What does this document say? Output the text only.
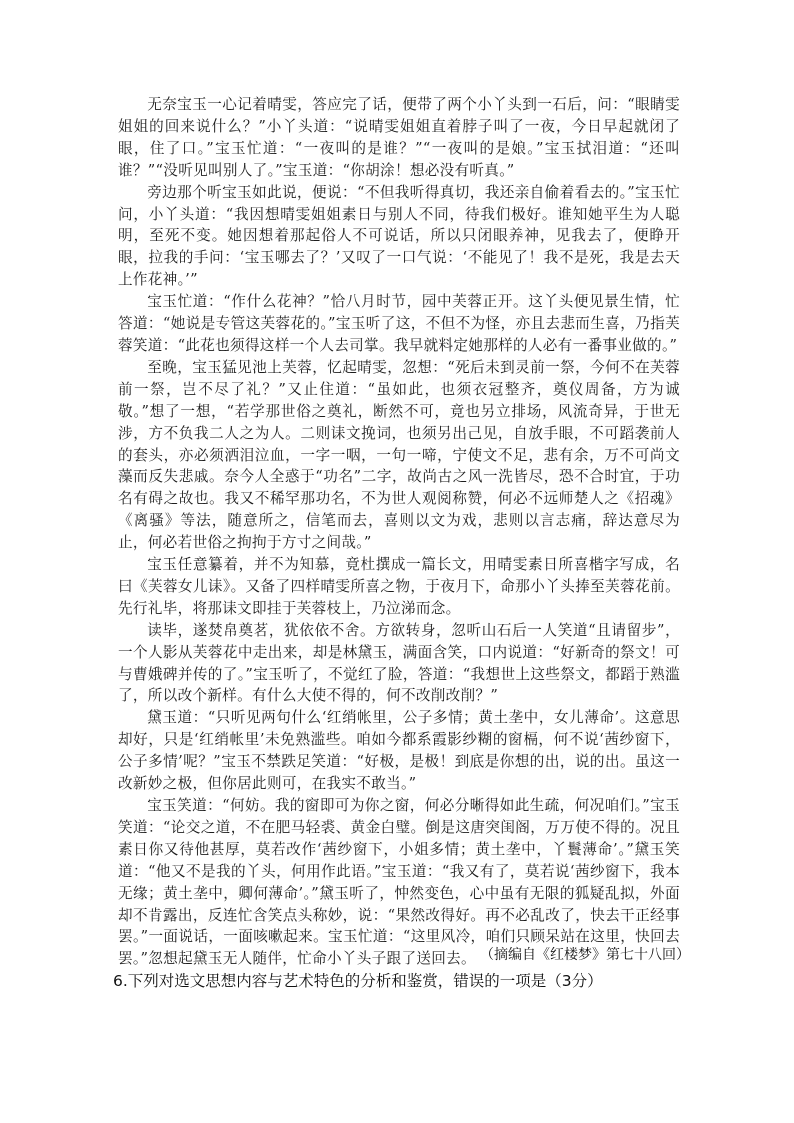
无奈宝玉一心记着晴雯，答应完了话，便带了两个小丫头到一石后，问：“眼睛雯姐姐的回来说什么？”小丫头道：“说晴雯姐姐直着脖子叫了一夜，今日早起就闭了眼，住了口。”宝玉忙道：“一夜叫的是谁？”“一夜叫的是娘。”宝玉拭泪道：“还叫谁？”“没听见叫别人了。”宝玉道：“你胡涂！想必没有听真。”

旁边那个听宝玉如此说，便说：“不但我听得真切，我还亲自偷着看去的。”宝玉忙问，小丫头道：“我因想晴雯姐姐素日与别人不同，待我们极好。谁知她平生为人聪明，至死不变。她因想着那起俗人不可说话，所以只闭眼养神，见我去了，便睁开眼，拉我的手问：‘宝玉哪去了？’又叹了一口气说：‘不能见了！我不是死，我是去天上作花神。’”

宝玉忙道：“作什么花神？”恰八月时节，园中芙蓉正开。这丫头便见景生情，忙答道：“她说是专管这芙蓉花的。”宝玉听了这，不但不为怪，亦且去悲而生喜，乃指芙蓉笑道：“此花也须得这样一个人去司掌。我早就料定她那样的人必有一番事业做的。”

至晚，宝玉猛见池上芙蓉，忆起晴雯，忽想：“死后未到灵前一祭，今何不在芙蓉前一祭，岂不尽了礼？”又止住道：“虽如此，也须衣冠整齐，奠仪周备，方为诚敬。”想了一想，“若学那世俗之奠礼，断然不可，竟也另立排场，风流奇异，于世无涉，方不负我二人之为人。二则诔文挽词，也须另出己见，自放手眼，不可蹈袭前人的套头，亦必须洒泪泣血，一字一咽，一句一啼，宁使文不足，悲有余，万不可尚文藻而反失悲戚。奈今人全惑于“功名”二字，故尚古之风一洗皆尽，恐不合时宜，于功名有碍之故也。我又不稀罕那功名，不为世人观阅称赞，何必不远师楚人之《招魂》《离骚》等法，随意所之，信笔而去，喜则以文为戏，悲则以言志痛，辞达意尽为止，何必若世俗之拘拘于方寸之间哉。”

宝玉任意纂着，并不为知慕，竟杜撰成一篇长文，用晴雯素日所喜楷字写成，名曰《芙蓉女儿诔》。又备了四样晴雯所喜之物，于夜月下，命那小丫头捧至芙蓉花前。先行礼毕，将那诔文即挂于芙蓉枝上，乃泣涕而念。

读毕，遂焚帛奠茗，犹依依不舍。方欲转身，忽听山石后一人笑道“且请留步”，一个人影从芙蓉花中走出来，却是林黛玉，满面含笑，口内说道：“好新奇的祭文！可与曹娥碑并传的了。”宝玉听了，不觉红了脸，答道：“我想世上这些祭文，都蹈于熟滥了，所以改个新样。有什么大使不得的，何不改削改削？”

黛玉道：“只听见两句什么‘红绡帐里，公子多情；黄土垄中，女儿薄命’。这意思却好，只是‘红绡帐里’未免熟滥些。咱如今都系霞影纱糊的窗槅，何不说‘茜纱窗下，公子多情’呢？”宝玉不禁跌足笑道：“好极，是极！到底是你想的出，说的出。虽这一改新妙之极，但你居此则可，在我实不敢当。”

宝玉笑道：“何妨。我的窗即可为你之窗，何必分晰得如此生疏，何况咱们。”宝玉笑道：“论交之道，不在肥马轻裘、黄金白璧。倒是这唐突闺阁，万万使不得的。况且素日你又待他甚厚，莫若改作‘茜纱窗下，小姐多情；黄土垄中，丫鬟薄命’。”黛玉笑道：“他又不是我的丫头，何用作此语。”宝玉道：“我又有了，莫若说‘茜纱窗下，我本无缘；黄土垄中，卿何薄命’。”黛玉听了，忡然变色，心中虽有无限的狐疑乱拟，外面却不肯露出，反连忙含笑点头称妙，说：“果然改得好。再不必乱改了，快去干正经事罢。”一面说话，一面咳嗽起来。宝玉忙道：“这里风冷，咱们只顾呆站在这里，快回去罢。”忽想起黛玉无人随伴，忙命小丫头子跟了送回去。 （摘编自《红楼梦》第七十八回）
6.下列对选文思想内容与艺术特色的分析和鉴赏，错误的一项是（3分）
